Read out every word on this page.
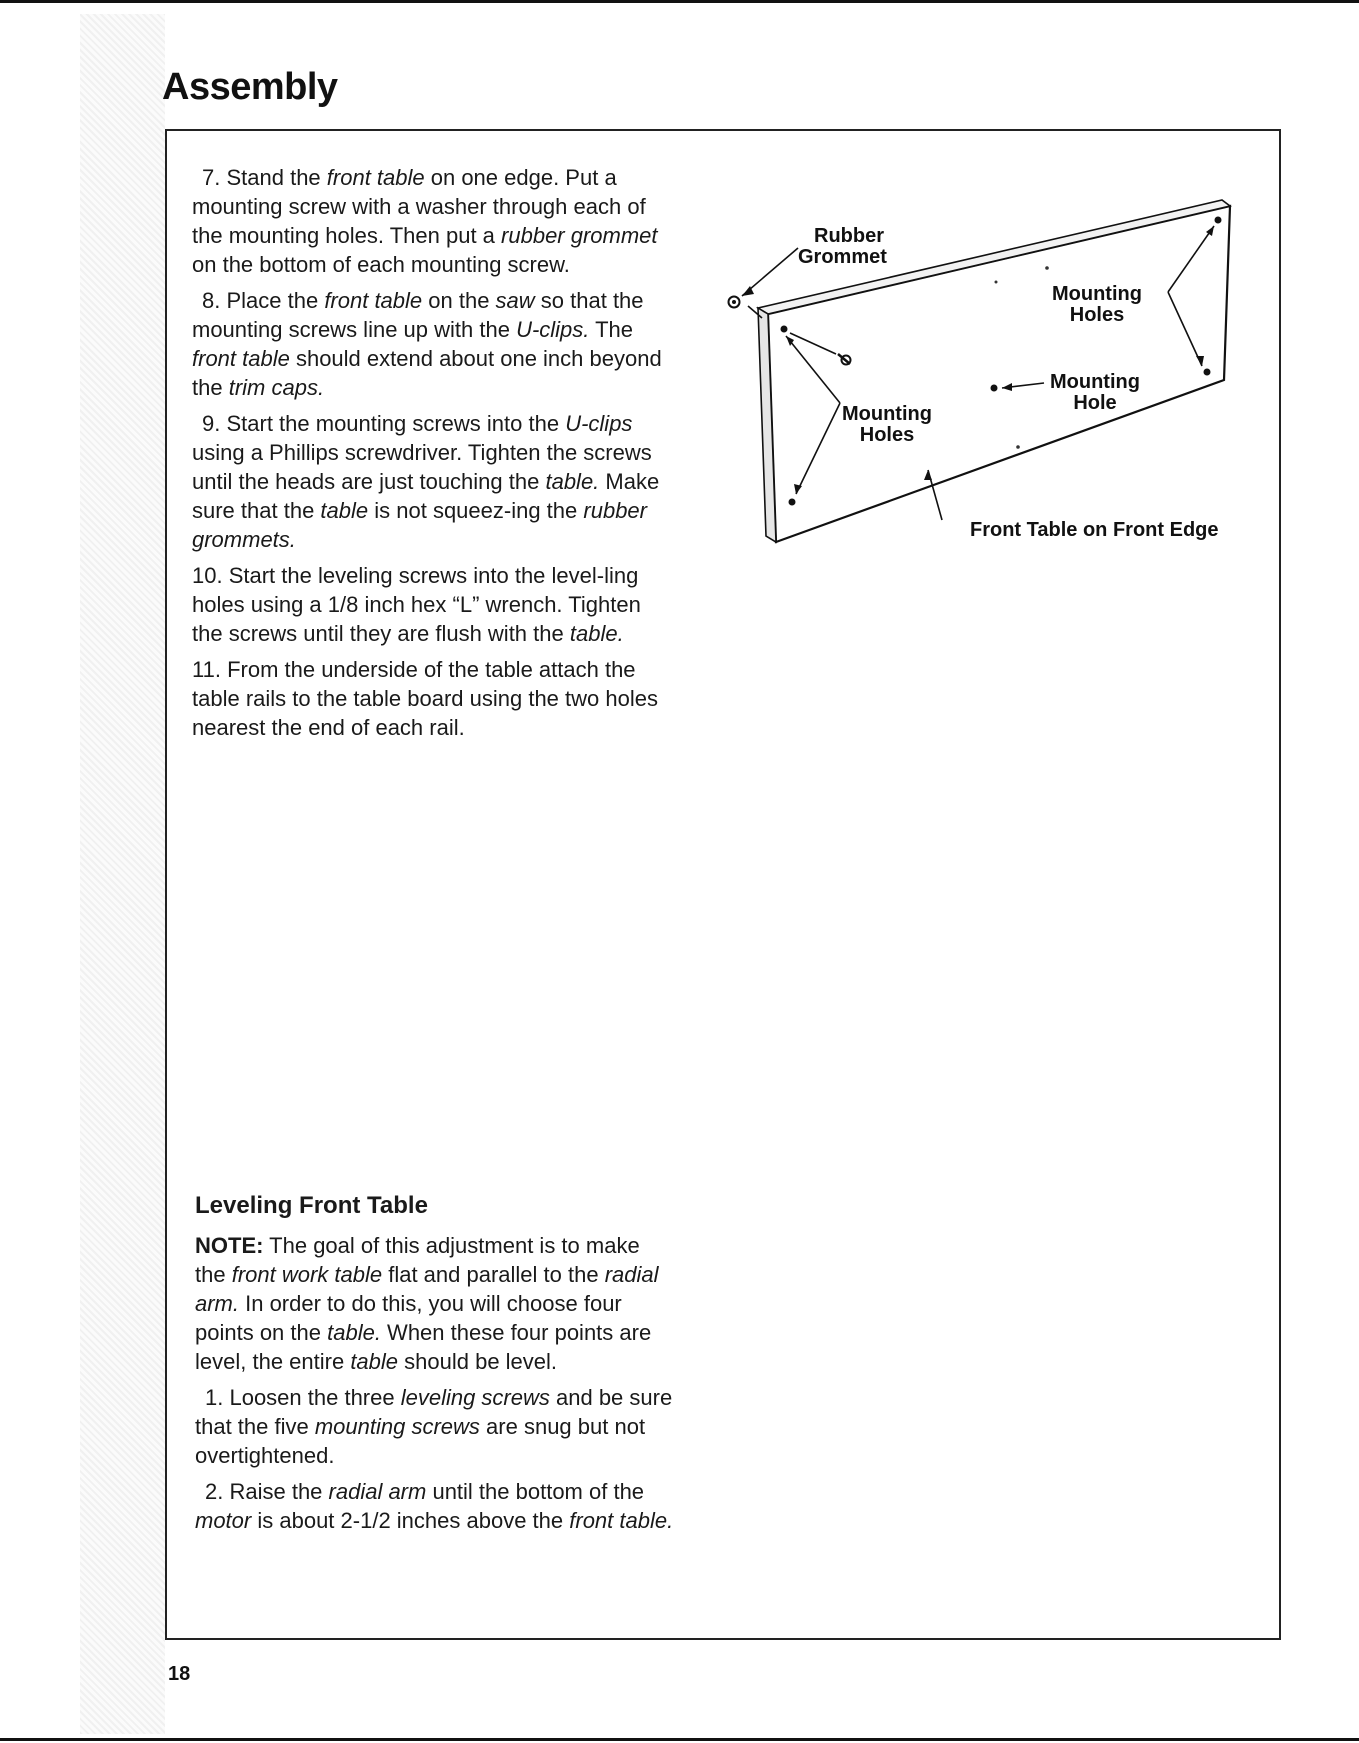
Assembly

7. Stand the front table on one edge. Put a mounting screw with a washer through each of the mounting holes. Then put a rubber grommet on the bottom of each mounting screw.

8. Place the front table on the saw so that the mounting screws line up with the U-clips. The front table should extend about one inch beyond the trim caps.

9. Start the mounting screws into the U-clips using a Phillips screwdriver. Tighten the screws until the heads are just touching the table. Make sure that the table is not squeez-ing the rubber grommets.

10. Start the leveling screws into the level-ling holes using a 1/8 inch hex “L” wrench. Tighten the screws until they are flush with the table.

11. From the underside of the table attach the table rails to the table board using the two holes nearest the end of each rail.

Leveling Front Table

NOTE: The goal of this adjustment is to make the front work table flat and parallel to the radial arm. In order to do this, you will choose four points on the table. When these four points are level, the entire table should be level.

1. Loosen the three leveling screws and be sure that the five mounting screws are snug but not overtightened.

2. Raise the radial arm until the bottom of the motor is about 2-1/2 inches above the front table.

Rubber
Grommet
Mounting
Holes
Mounting
Hole
Mounting
Holes
Front Table on Front Edge
18
